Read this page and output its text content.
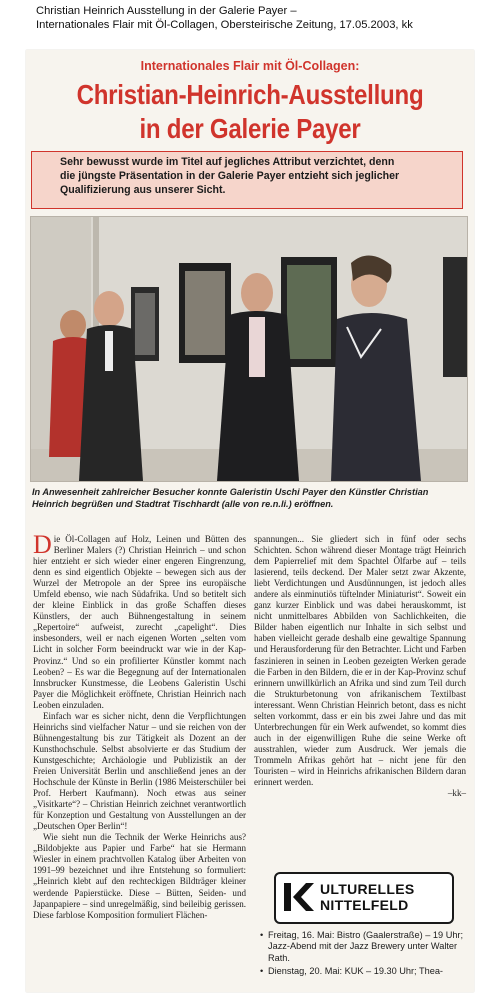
Christian Heinrich Ausstellung in der Galerie Payer –
Internationales Flair mit Öl-Collagen, Obersteirische Zeitung, 17.05.2003, kk
Internationales Flair mit Öl-Collagen:
Christian-Heinrich-Ausstellung
in der Galerie Payer
Sehr bewusst wurde im Titel auf jegliches Attribut verzichtet, denn
die jüngste Präsentation in der Galerie Payer entzieht sich jeglicher
Qualifizierung aus unserer Sicht.
In Anwesenheit zahlreicher Besucher konnte Galeristin Uschi Payer den Künstler Christian Heinrich begrüßen und Stadtrat Tischhardt (alle von re.n.li.) eröffnen.

Die Öl-Collagen auf Holz, Leinen und Bütten des Berliner Malers (?) Christian Heinrich – und schon hier entzieht er sich wieder einer engeren Eingrenzung, denn es sind eigentlich Objekte – bewegen sich aus der Wurzel der Metropole an der Spree ins europäische Umfeld ebenso, wie nach Südafrika. Und so betitelt sich der kleine Einblick in das große Schaffen dieses Künstlers, der auch Bühnengestaltung in seinem „Repertoire“ aufweist, zurecht „capelight“. Dies insbesonders, weil er nach eigenen Worten „selten vom Licht in solcher Form beeindruckt war wie in der Kap-Provinz.“ Und so ein profilierter Künstler kommt nach Leoben? – Es war die Begegnung auf der Internationalen Innsbrucker Kunstmesse, die Leobens Galeristin Uschi Payer die Möglichkeit eröffnete, Christian Heinrich nach Leoben einzuladen.

Einfach war es sicher nicht, denn die Verpflichtungen Heinrichs sind vielfacher Natur – und sie reichen von der Bühnengestaltung bis zur Tätigkeit als Dozent an der Kunsthochschule. Selbst absolvierte er das Studium der Kunstgeschichte; Archäologie und Publizistik an der Freien Universität Berlin und anschließend jenes an der Hochschule der Künste in Berlin (1986 Meisterschüler bei Prof. Herbert Kaufmann). Noch etwas aus seiner „Visitkarte“? – Christian Heinrich zeichnet verantwortlich für Konzeption und Gestaltung von Ausstellungen an der „Deutschen Oper Berlin“!

Wie sieht nun die Technik der Werke Heinrichs aus? „Bildobjekte aus Papier und Farbe“ hat sie Hermann Wiesler in einem prachtvollen Katalog über Arbeiten von 1991–99 bezeichnet und ihre Entstehung so formuliert: „Heinrich klebt auf den rechteckigen Bildträger kleiner werdende Papierstücke. Diese – Bütten, Seiden- und Japanpapiere – sind unregelmäßig, sind beileibig gerissen. Diese farblose Komposition formuliert Flächen-

spannungen... Sie gliedert sich in fünf oder sechs Schichten. Schon während dieser Montage trägt Heinrich dem Papierrelief mit dem Spachtel Ölfarbe auf – teils lasierend, teils deckend. Der Maler setzt zwar Akzente, liebt Verdichtungen und Ausdünnungen, ist jedoch alles andere als einminutiös tüftelnder Miniaturist“. Soweit ein ganz kurzer Einblick und was dabei herauskommt, ist nicht unmittelbares Abbilden von Sachlichkeiten, die Bilder haben eigentlich nur Inhalte in sich selbst und haben vielleicht gerade deshalb eine gewaltige Spannung und Herausforderung für den Betrachter. Licht und Farben faszinieren in seinen in Leoben gezeigten Werken gerade die Farben in den Bildern, die er in der Kap-Provinz schuf erinnern unwillkürlich an Afrika und sind zum Teil durch die Strukturbetonung von afrikanischem Textilbast interessant. Wenn Christian Heinrich betont, dass es nicht selten vorkommt, dass er ein bis zwei Jahre und das mit Unterbrechungen für ein Werk aufwendet, so kommt dies auch in der eigenwilligen Ruhe die seine Werke oft ausstrahlen, wieder zum Ausdruck. Wer jemals die Trommeln Afrikas gehört hat – nicht jene für den Touristen – wird in Heinrichs afrikanischen Bildern daran erinnert werden.

–kk–
ULTURELLES
NITTELFELD
• Freitag, 16. Mai: Bistro (Gaalerstraße) – 19 Uhr; Jazz-Abend mit der Jazz Brewery unter Walter Rath.
• Dienstag, 20. Mai: KUK – 19.30 Uhr; Thea-
